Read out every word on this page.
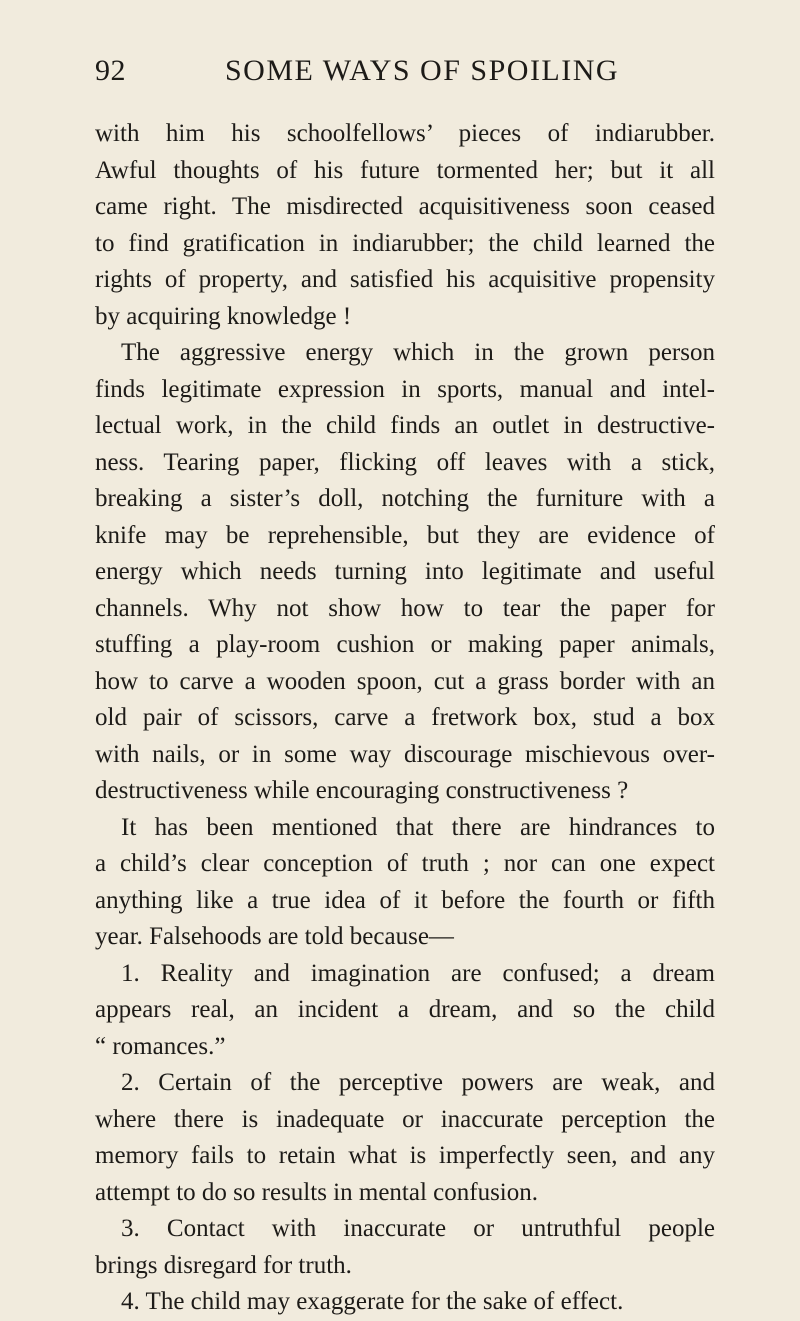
92	SOME WAYS OF SPOILING
with him his schoolfellows’ pieces of indiarubber.
Awful thoughts of his future tormented her; but it all
came right. The misdirected acquisitiveness soon ceased
to find gratification in indiarubber; the child learned the
rights of property, and satisfied his acquisitive propensity
by acquiring knowledge !
The aggressive energy which in the grown person
finds legitimate expression in sports, manual and intel-
lectual work, in the child finds an outlet in destructive-
ness. Tearing paper, flicking off leaves with a stick,
breaking a sister’s doll, notching the furniture with a
knife may be reprehensible, but they are evidence of
energy which needs turning into legitimate and useful
channels. Why not show how to tear the paper for
stuffing a play-room cushion or making paper animals,
how to carve a wooden spoon, cut a grass border with an
old pair of scissors, carve a fretwork box, stud a box
with nails, or in some way discourage mischievous over-
destructiveness while encouraging constructiveness ?
It has been mentioned that there are hindrances to
a child’s clear conception of truth ; nor can one expect
anything like a true idea of it before the fourth or fifth
year. Falsehoods are told because—
1. Reality and imagination are confused; a dream
appears real, an incident a dream, and so the child
“ romances.”
2. Certain of the perceptive powers are weak, and
where there is inadequate or inaccurate perception the
memory fails to retain what is imperfectly seen, and any
attempt to do so results in mental confusion.
3. Contact with inaccurate or untruthful people
brings disregard for truth.
4. The child may exaggerate for the sake of effect.
